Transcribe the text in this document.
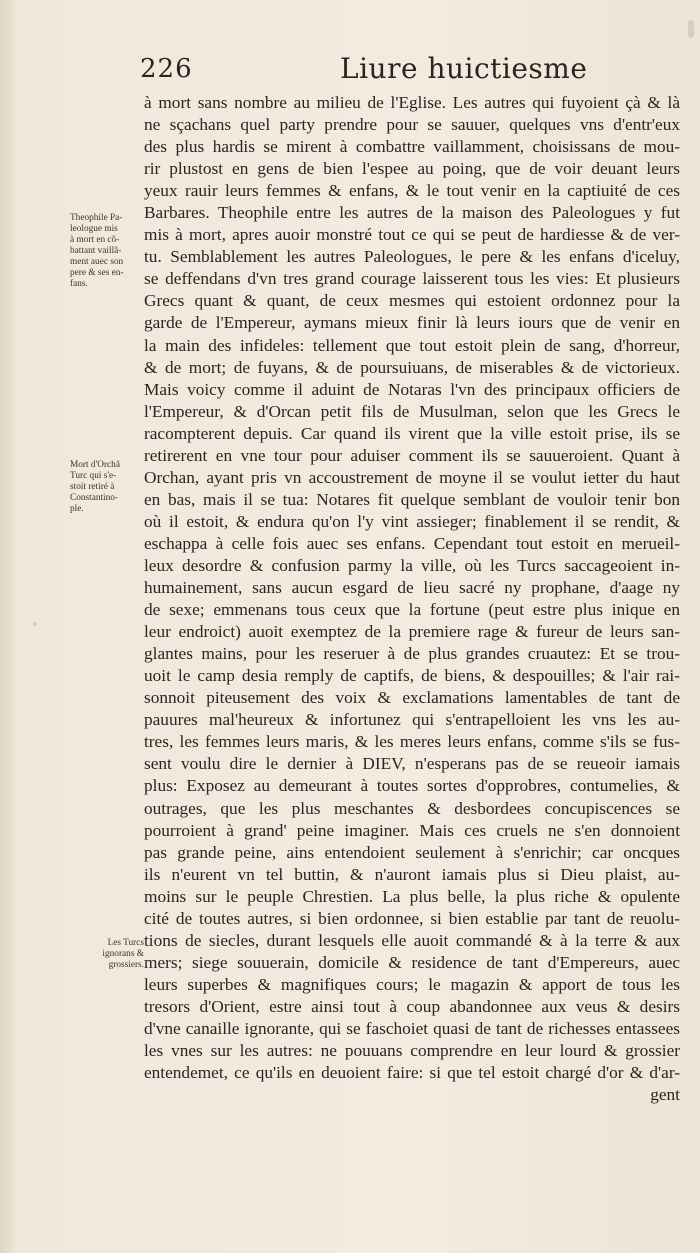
226	Liure huictiesme
Theophile Pa-
leologue mis
à mort en cõ-
battant vaillã-
ment auec son
pere & ses en-
fans.
Mort d'Orchã
Turc qui s'e-
stoit retiré à
Constantino-
ple.
Les Turcs
ignorans &
grossiers.
à mort sans nombre au milieu de l'Eglise. Les autres qui fuyoient çà & là
ne sçachans quel party prendre pour se sauuer, quelques vns d'entr'eux
des plus hardis se mirent à combattre vaillamment, choisissans de mou-
rir plustost en gens de bien l'espee au poing, que de voir deuant leurs
yeux rauir leurs femmes & enfans, & le tout venir en la captiuité de ces
Barbares. Theophile entre les autres de la maison des Paleologues y fut
mis à mort, apres auoir monstré tout ce qui se peut de hardiesse & de ver-
tu. Semblablement les autres Paleologues, le pere & les enfans d'iceluy,
se deffendans d'vn tres grand courage laisserent tous les vies: Et plusieurs
Grecs quant & quant, de ceux mesmes qui estoient ordonnez pour la
garde de l'Empereur, aymans mieux finir là leurs iours que de venir en
la main des infideles: tellement que tout estoit plein de sang, d'horreur,
& de mort; de fuyans, & de poursuiuans, de miserables & de victorieux.
Mais voicy comme il aduint de Notaras l'vn des principaux officiers de
l'Empereur, & d'Orcan petit fils de Musulman, selon que les Grecs le
racompterent depuis. Car quand ils virent que la ville estoit prise, ils se
retirerent en vne tour pour aduiser comment ils se sauueroient. Quant à
Orchan, ayant pris vn accoustrement de moyne il se voulut ietter du haut
en bas, mais il se tua: Notares fit quelque semblant de vouloir tenir bon
où il estoit, & endura qu'on l'y vint assieger; finablement il se rendit, &
eschappa à celle fois auec ses enfans. Cependant tout estoit en merueil-
leux desordre & confusion parmy la ville, où les Turcs saccageoient in-
humainement, sans aucun esgard de lieu sacré ny prophane, d'aage ny
de sexe; emmenans tous ceux que la fortune (peut estre plus inique en
leur endroict) auoit exemptez de la premiere rage & fureur de leurs san-
glantes mains, pour les reseruer à de plus grandes cruautez: Et se trou-
uoit le camp desia remply de captifs, de biens, & despouilles; & l'air rai-
sonnoit piteusement des voix & exclamations lamentables de tant de
pauures mal'heureux & infortunez qui s'entrapelloient les vns les au-
tres, les femmes leurs maris, & les meres leurs enfans, comme s'ils se fus-
sent voulu dire le dernier à DIEV, n'esperans pas de se reueoir iamais
plus: Exposez au demeurant à toutes sortes d'opprobres, contumelies, &
outrages, que les plus meschantes & desbordees concupiscences se
pourroient à grand' peine imaginer. Mais ces cruels ne s'en donnoient
pas grande peine, ains entendoient seulement à s'enrichir; car oncques
ils n'eurent vn tel buttin, & n'auront iamais plus si Dieu plaist, au-
moins sur le peuple Chrestien. La plus belle, la plus riche & opulente
cité de toutes autres, si bien ordonnee, si bien establie par tant de reuolu-
tions de siecles, durant lesquels elle auoit commandé & à la terre & aux
mers; siege souuerain, domicile & residence de tant d'Empereurs, auec
leurs superbes & magnifiques cours; le magazin & apport de tous les
tresors d'Orient, estre ainsi tout à coup abandonnee aux veus & desirs
d'vne canaille ignorante, qui se faschoiet quasi de tant de richesses entassees
les vnes sur les autres: ne pouuans comprendre en leur lourd & grossier
entendemet, ce qu'ils en deuoient faire: si que tel estoit chargé d'or & d'ar-
gent
